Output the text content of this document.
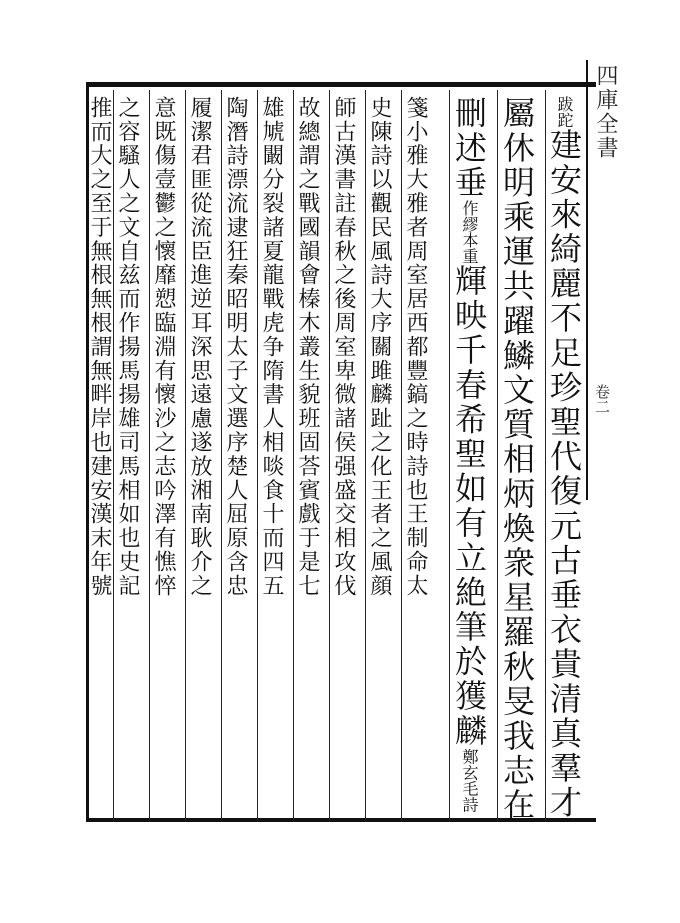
四庫全書
卷二
跋跎建安來綺麗不足珍聖代復元古垂衣貴清真羣才
屬休明乘運共躍鱗文質相炳煥衆星羅秋旻我志在
刪述垂作繆本重輝映千春希聖如有立絶筆於獲麟鄭玄毛詩
箋小雅大雅者周室居西都豐鎬之時詩也王制命太
史陳詩以觀民風詩大序關雎麟趾之化王者之風顔
師古漢書註春秋之後周室卑微諸侯强盛交相攻伐
故總謂之戰國韻會榛木叢生貌班固荅賓戲于是七
雄虓闞分裂諸夏龍戰虎争隋書人相啖食十而四五
陶潛詩漂流逮狂秦昭明太子文選序楚人屈原含忠
履潔君匪從流臣進逆耳深思遠慮遂放湘南耿介之
意既傷壹鬱之懷靡愬臨淵有懷沙之志吟澤有憔悴
之容騷人之文自兹而作揚馬揚雄司馬相如也史記
推而大之至于無根無根謂無畔岸也建安漢末年號
